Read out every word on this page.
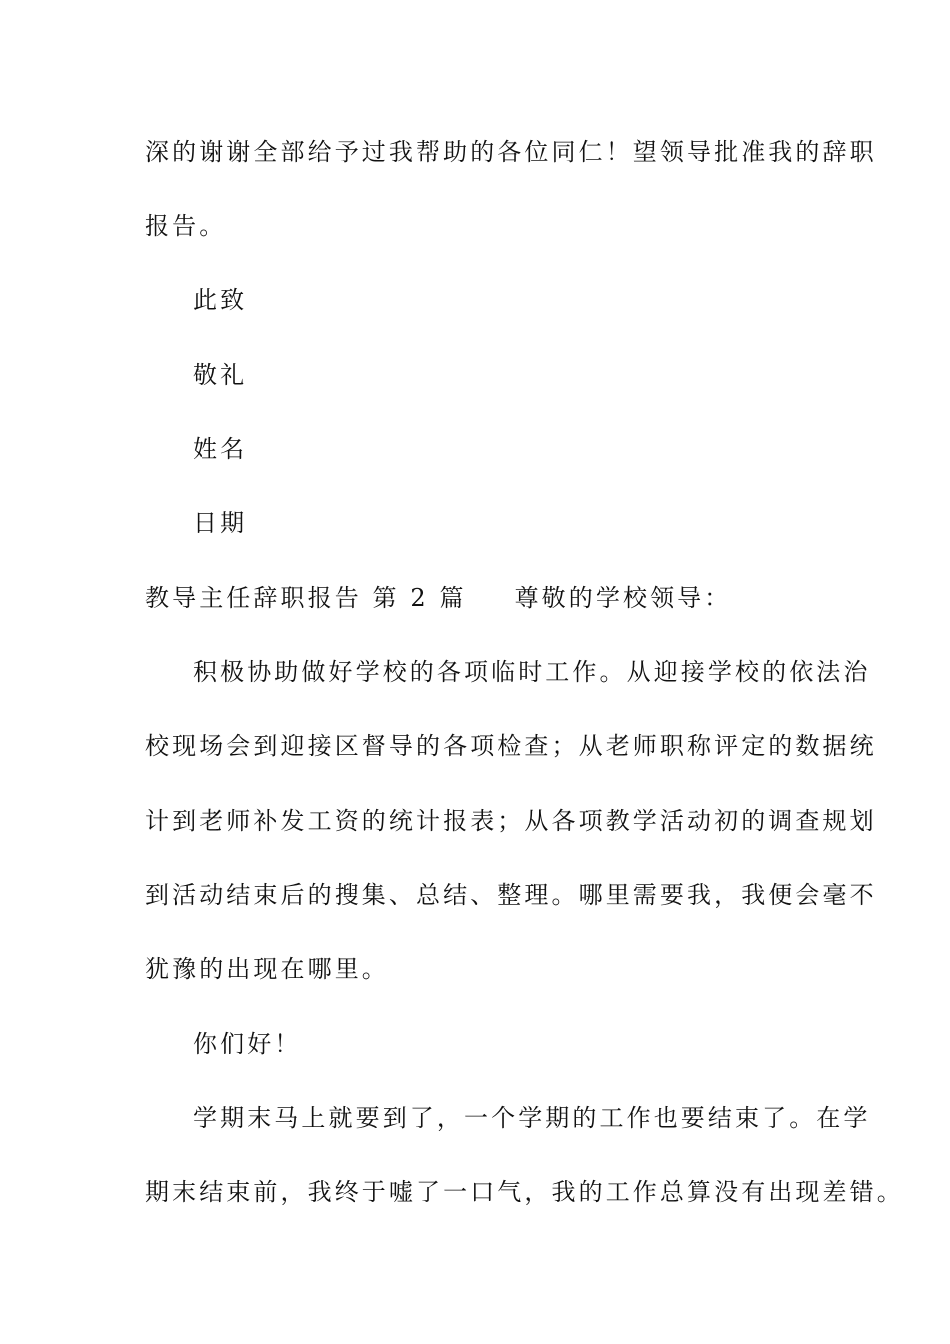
深的谢谢全部给予过我帮助的各位同仁！望领导批准我的辞职
报告。
此致
敬礼
姓名
日期
教导主任辞职报告 第 2 篇 尊敬的学校领导：
积极协助做好学校的各项临时工作。从迎接学校的依法治
校现场会到迎接区督导的各项检查；从老师职称评定的数据统
计到老师补发工资的统计报表；从各项教学活动初的调查规划
到活动结束后的搜集、总结、整理。哪里需要我，我便会毫不
犹豫的出现在哪里。
你们好！
学期末马上就要到了，一个学期的工作也要结束了。在学
期末结束前，我终于嘘了一口气，我的工作总算没有出现差错。
